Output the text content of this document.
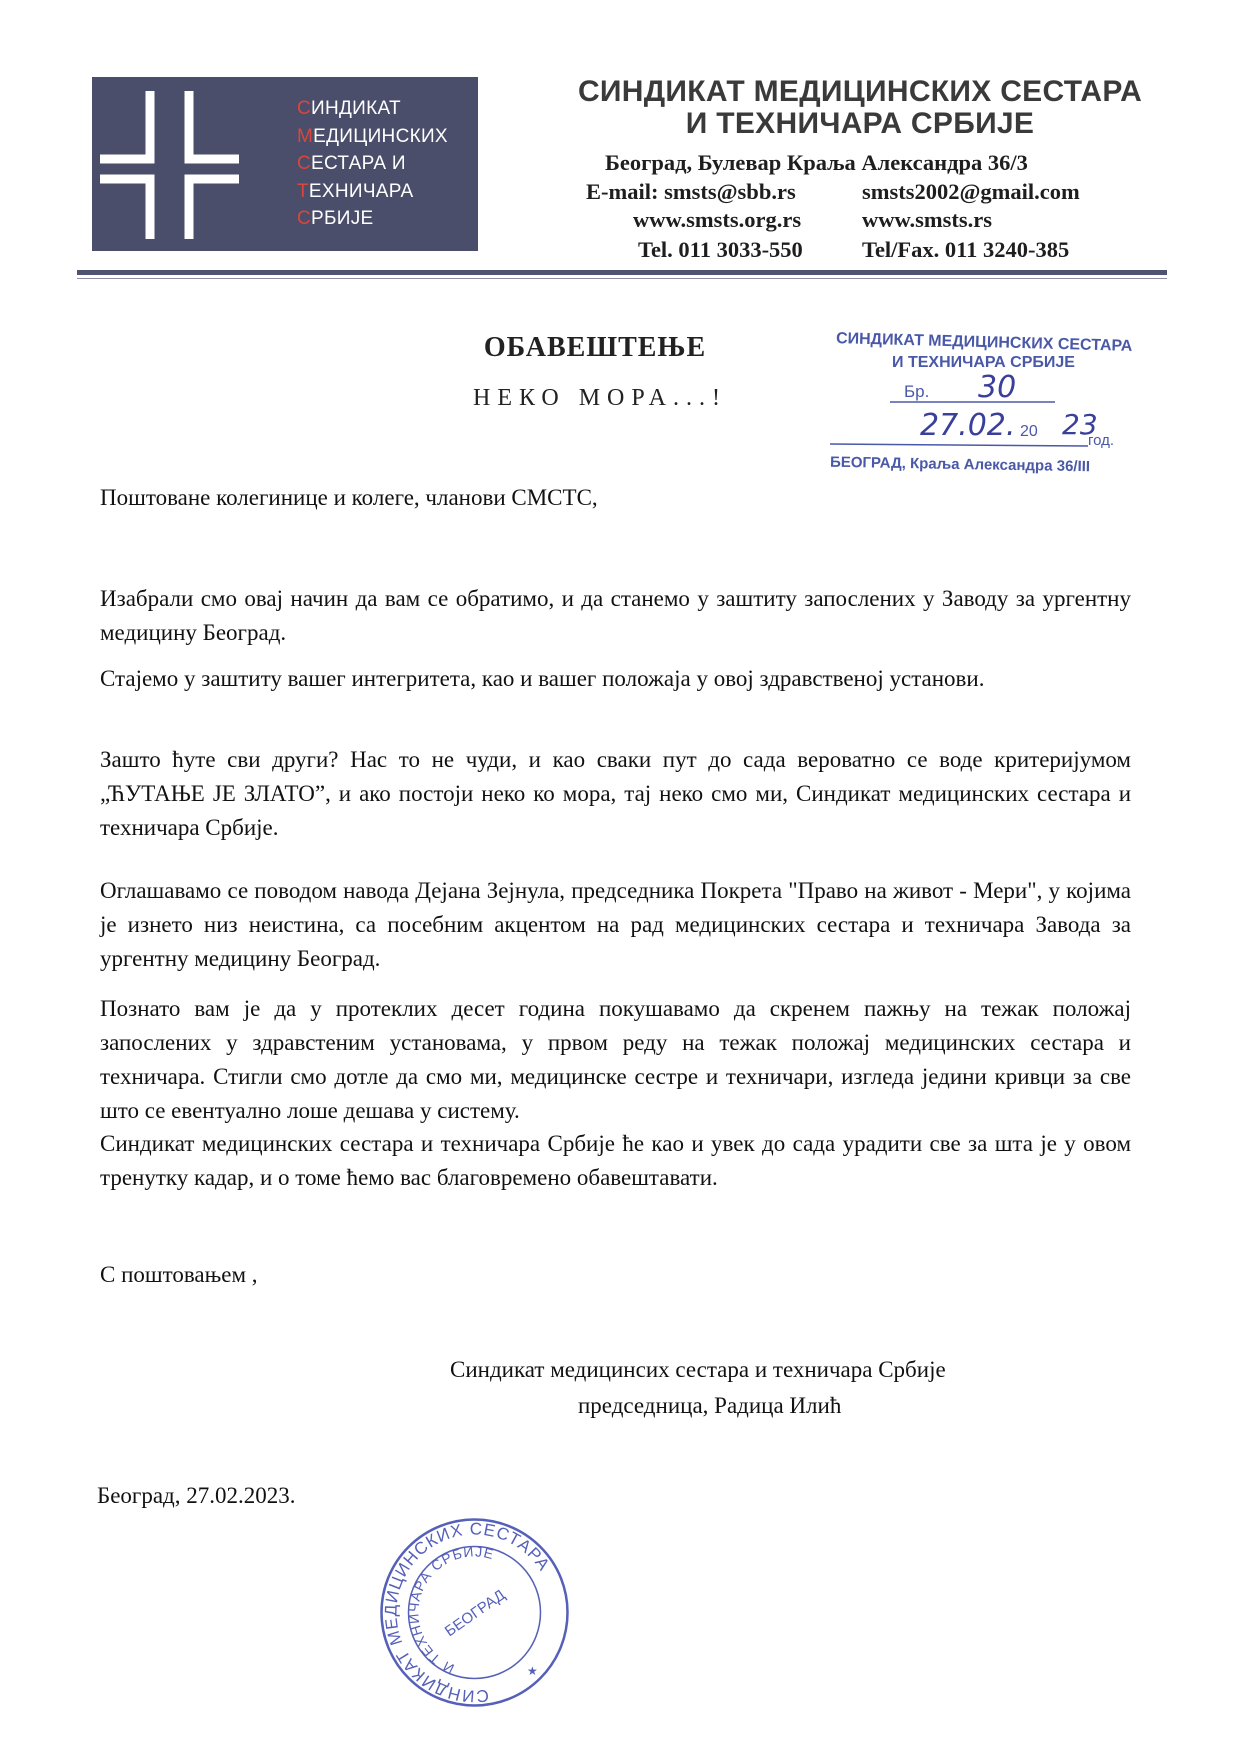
СИНДИКАТ
МЕДИЦИНСКИХ
СЕСТАРА И
ТЕХНИЧАРА
СРБИЈЕ
СИНДИКАТ МЕДИЦИНСКИХ СЕСТАРА
И ТЕХНИЧАРА СРБИЈЕ
Београд, Булевар Краља Александра 36/3
E-mail: smsts@sbb.rs	smsts2002@gmail.com
www.smsts.org.rs	www.smsts.rs
Tel. 011 3033-550	Tel/Fax. 011 3240-385
ОБАВЕШТЕЊЕ
НЕКО МОРА...!
СИНДИКАТ МЕДИЦИНСКИХ СЕСТАРА
И ТЕХНИЧАРА СРБИЈЕ
Бр. 30
27.02. 20 23
год.
БЕОГРАД, Краља Александра 36/III
Поштоване колегинице и колеге, чланови СМСТС,
Изабрали смо овај начин да вам се обратимо, и да станемо у заштиту запослених у Заводу за ургентну медицину Београд.
Стајемо у заштиту вашег интегритета, као и вашег положаја у овој здравственој установи.
Зашто ћуте сви други? Нас то не чуди, и као сваки пут до сада вероватно се воде критеријумом „ЋУТАЊЕ ЈЕ ЗЛАТО”, и ако постоји неко ко мора, тај неко смо ми, Синдикат медицинских сестара и техничара Србије.
Оглашавамо се поводом навода Дејана Зејнула, председника Покрета "Право на живот - Мери", у којима је изнето низ неистина, са посебним акцентом на рад медицинских сестара и техничара Завода за ургентну медицину Београд.
Познато вам је да у протеклих десет година покушавамо да скренем пажњу на тежак положај запослених у здравстеним установама, у првом реду на тежак положај медицинских сестара и техничара. Стигли смо дотле да смо ми, медицинске сестре и техничари, изгледа једини кривци за све што се евентуално лоше дешава у систему.
Синдикат медицинских сестара и техничара Србије ће као и увек до сада урадити све за шта је у овом тренутку кадар, и о томе ћемо вас благовремено обавештавати.
С поштовањем ,
Синдикат медицинсих сестара и техничара Србије
председница, Радица Илић
Београд, 27.02.2023.
СИНДИКАТ МЕДИЦИНСКИХ СЕСТАРА
И ТЕХНИЧАРА СРБИЈЕ
БЕОГРАД
★
